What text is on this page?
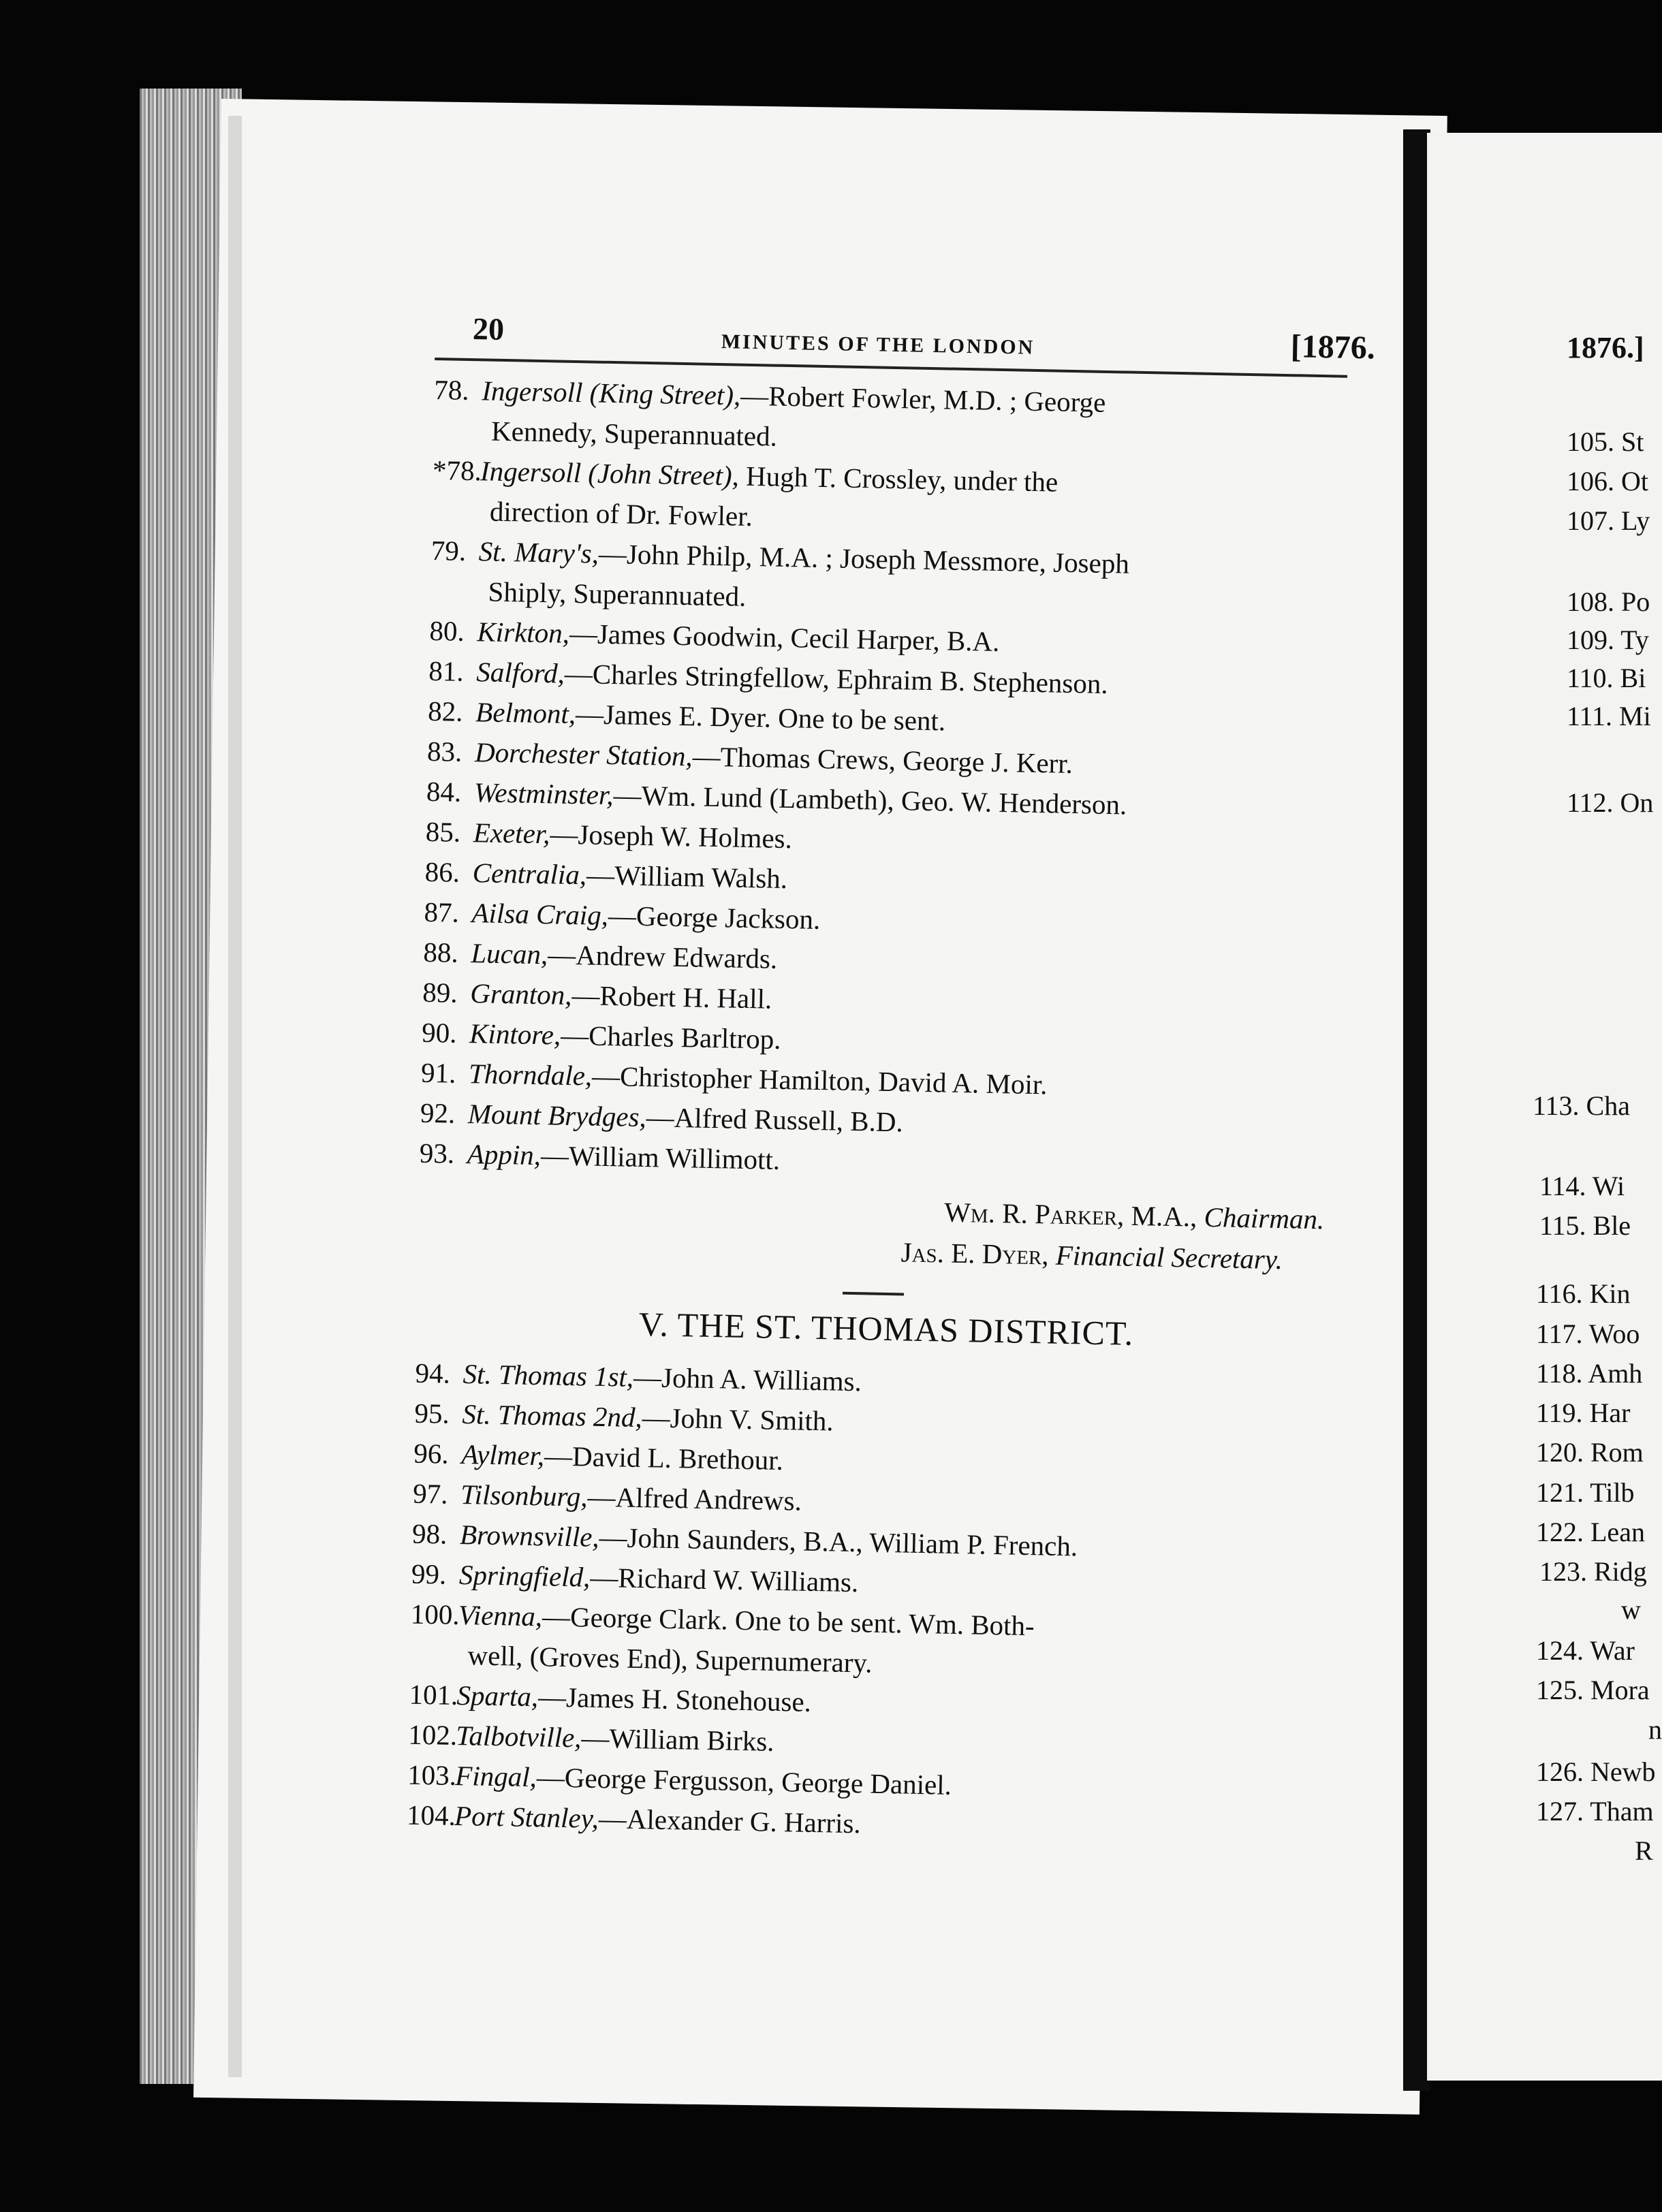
20	MINUTES OF THE LONDON	[1876.
78. Ingersoll (King Street),—Robert Fowler, M.D. ; George
Kennedy, Superannuated.
*78.Ingersoll (John Street), Hugh T. Crossley, under the
direction of Dr. Fowler.
79. St. Mary's,—John Philp, M.A. ; Joseph Messmore, Joseph
Shiply, Superannuated.
80. Kirkton,—James Goodwin, Cecil Harper, B.A.
81. Salford,—Charles Stringfellow, Ephraim B. Stephenson.
82. Belmont,—James E. Dyer. One to be sent.
83. Dorchester Station,—Thomas Crews, George J. Kerr.
84. Westminster,—Wm. Lund (Lambeth), Geo. W. Henderson.
85. Exeter,—Joseph W. Holmes.
86. Centralia,—William Walsh.
87. Ailsa Craig,—George Jackson.
88. Lucan,—Andrew Edwards.
89. Granton,—Robert H. Hall.
90. Kintore,—Charles Barltrop.
91. Thorndale,—Christopher Hamilton, David A. Moir.
92. Mount Brydges,—Alfred Russell, B.D.
93. Appin,—William Willimott.
Wm. R. Parker, M.A., Chairman.
Jas. E. Dyer, Financial Secretary.
V. THE ST. THOMAS DISTRICT.
94. St. Thomas 1st,—John A. Williams.
95. St. Thomas 2nd,—John V. Smith.
96. Aylmer,—David L. Brethour.
97. Tilsonburg,—Alfred Andrews.
98. Brownsville,—John Saunders, B.A., William P. French.
99. Springfield,—Richard W. Williams.
100.Vienna,—George Clark. One to be sent. Wm. Both-
well, (Groves End), Supernumerary.
101.Sparta,—James H. Stonehouse.
102.Talbotville,—William Birks.
103.Fingal,—George Fergusson, George Daniel.
104.Port Stanley,—Alexander G. Harris.
1876.]
105. St
106. Ot
107. Ly
108. Po
109. Ty
110. Bi
111. Mi
112. On
113. Cha
114. Wi
115. Ble
116. Kin
117. Woo
118. Amh
119. Har
120. Rom
121. Tilb
122. Lean
123. Ridg
w
124. War
125. Mora
n
126. Newb
127. Tham
R
